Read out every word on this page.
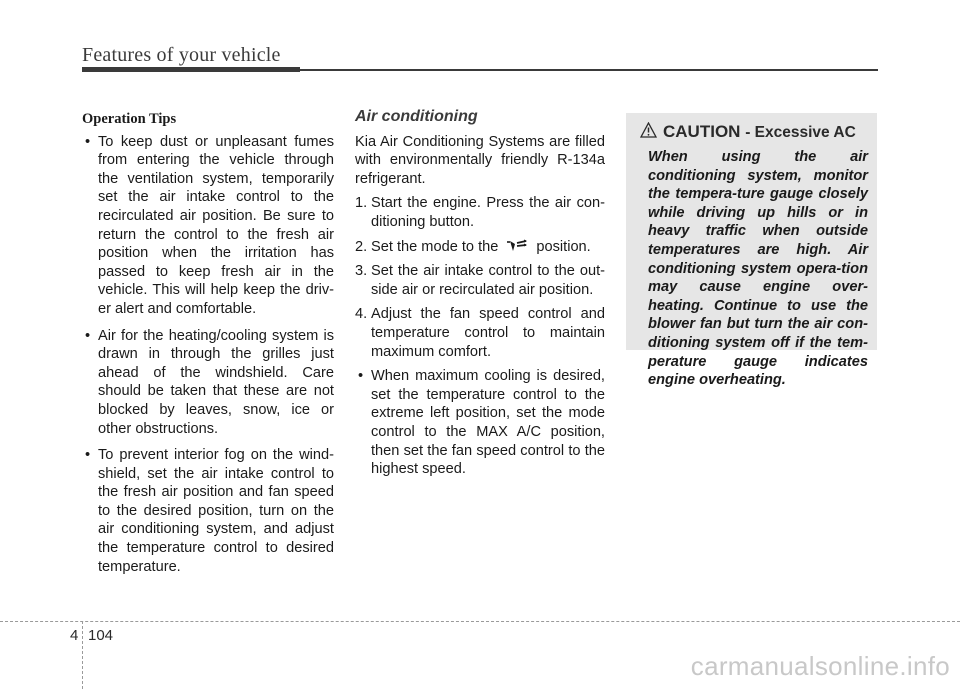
Features of your vehicle
Operation Tips
• To keep dust or unpleasant fumes from entering the vehicle through the ventilation system, temporarily set the air intake control to the recirculated air position. Be sure to return the control to the fresh air position when the irritation has passed to keep fresh air in the vehicle. This will help keep the driv-er alert and comfortable.
• Air for the heating/cooling system is drawn in through the grilles just ahead of the windshield. Care should be taken that these are not blocked by leaves, snow, ice or other obstructions.
• To prevent interior fog on the wind-shield, set the air intake control to the fresh air position and fan speed to the desired position, turn on the air conditioning system, and adjust the temperature control to desired temperature.
Air conditioning

Kia Air Conditioning Systems are filled with environmentally friendly R-134a refrigerant.

1. Start the engine. Press the air con-ditioning button.
2. Set the mode to the	position.
3. Set the air intake control to the out-side air or recirculated air position.
4. Adjust the fan speed control and temperature control to maintain maximum comfort.
• When maximum cooling is desired, set the temperature control to the extreme left position, set the mode control to the MAX A/C position, then set the fan speed control to the highest speed.
CAUTION - Excessive AC
When using the air conditioning system, monitor the tempera-ture gauge closely while driving up hills or in heavy traffic when outside temperatures are high. Air conditioning system opera-tion may cause engine over-heating. Continue to use the blower fan but turn the air con-ditioning system off if the tem-perature gauge indicates engine overheating.
4 104
carmanualsonline.info
